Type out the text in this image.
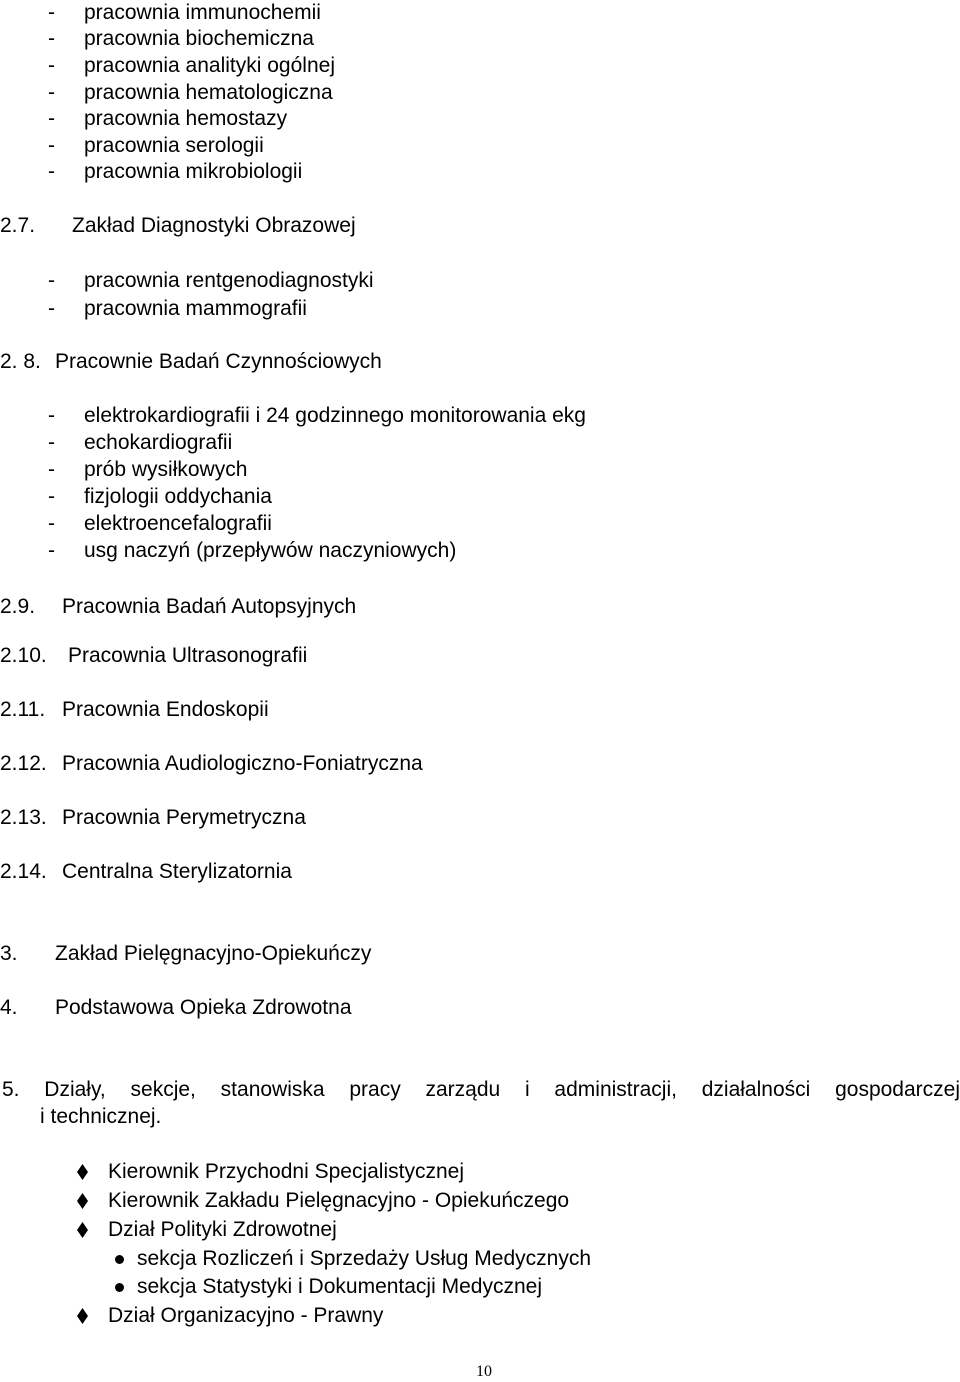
- pracownia immunochemii
- pracownia biochemiczna
- pracownia analityki ogólnej
- pracownia hematologiczna
- pracownia hemostazy
- pracownia serologii
- pracownia mikrobiologii
2.7. Zakład Diagnostyki Obrazowej
- pracownia rentgenodiagnostyki
- pracownia mammografii
2. 8. Pracownie Badań Czynnościowych
- elektrokardiografii i 24 godzinnego monitorowania ekg
- echokardiografii
- prób wysiłkowych
- fizjologii oddychania
- elektroencefalografii
- usg naczyń (przepływów naczyniowych)
2.9. Pracownia Badań Autopsyjnych
2.10. Pracownia Ultrasonografii
2.11. Pracownia Endoskopii
2.12. Pracownia Audiologiczno-Foniatryczna
2.13. Pracownia Perymetryczna
2.14. Centralna Sterylizatornia
3. Zakład Pielęgnacyjno-Opiekuńczy
4. Podstawowa Opieka Zdrowotna
5. Działy, sekcje, stanowiska pracy zarządu i administracji, działalności gospodarczej
i technicznej.
Kierownik Przychodni Specjalistycznej
Kierownik Zakładu Pielęgnacyjno - Opiekuńczego
Dział Polityki Zdrowotnej
sekcja Rozliczeń i Sprzedaży Usług Medycznych
sekcja Statystyki i Dokumentacji Medycznej
Dział Organizacyjno - Prawny
10
